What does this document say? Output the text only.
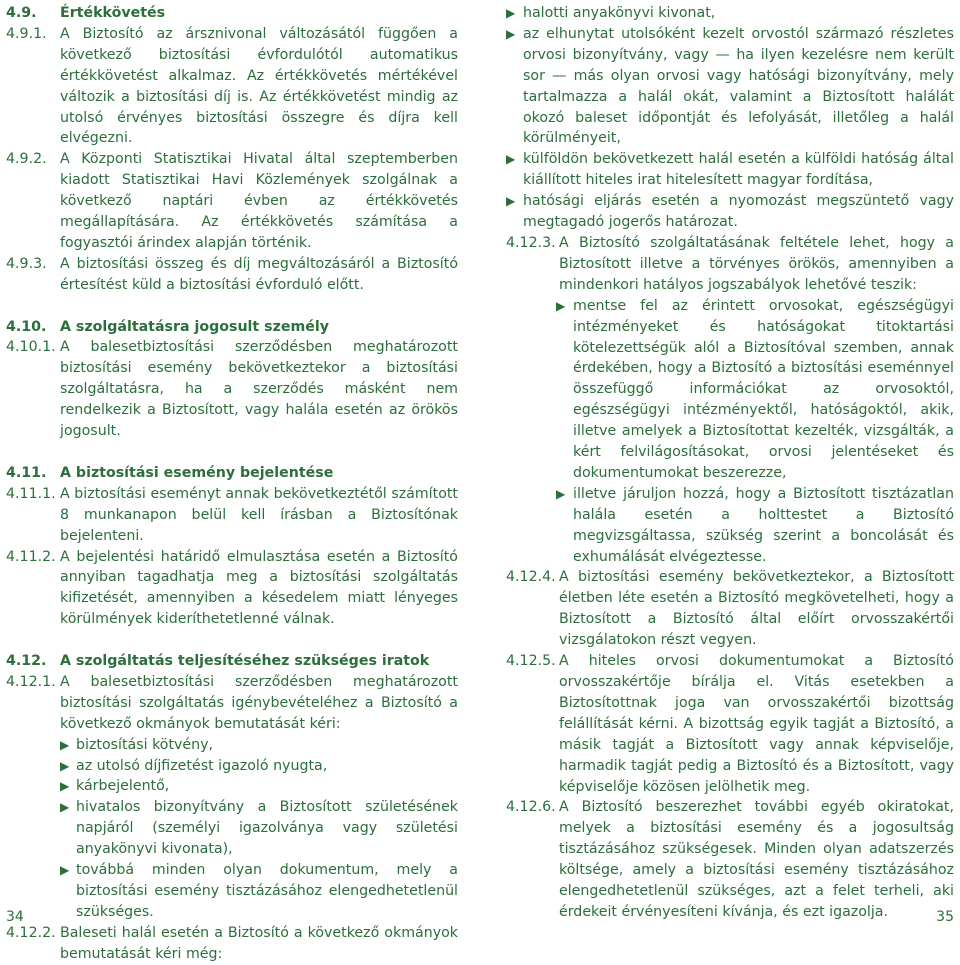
4.9.	Értékkövetés
4.9.1. A Biztosító az ársznivonal változásától függően a következő biztosítási évfordulótól automatikus értékkövetést alkalmaz. Az értékkövetés mértékével változik a biztosítási díj is. Az értékkövetést mindig az utolsó érvényes biztosítási összegre és díjra kell elvégezni.
4.9.2. A Központi Statisztikai Hivatal által szeptemberben kiadott Statisztikai Havi Közlemények szolgálnak a következő naptári évben az értékkövetés megállapítására. Az értékkövetés számítása a fogyasztói árindex alapján történik.
4.9.3. A biztosítási összeg és díj megváltozásáról a Biztosító értesítést küld a biztosítási évforduló előtt.
4.10. A szolgáltatásra jogosult személy
4.10.1. A balesetbiztosítási szerződésben meghatározott biztosítási esemény bekövetkeztekor a biztosítási szolgáltatásra, ha a szerződés másként nem rendelkezik a Biztosított, vagy halála esetén az örökös jogosult.
4.11. A biztosítási esemény bejelentése
4.11.1. A biztosítási eseményt annak bekövetkeztétől számított 8 munkanapon belül kell írásban a Biztosítónak bejelenteni.
4.11.2. A bejelentési határidő elmulasztása esetén a Biztosító annyiban tagadhatja meg a biztosítási szolgáltatás kifizetését, amennyiben a késedelem miatt lényeges körülmények kideríthetetlenné válnak.
4.12. A szolgáltatás teljesítéséhez szükséges iratok
4.12.1. A balesetbiztosítási szerződésben meghatározott biztosítási szolgáltatás igénybevételéhez a Biztosító a következő okmányok bemutatását kéri:
▶ biztosítási kötvény,
▶ az utolsó díjfizetést igazoló nyugta,
▶ kárbejelentő,
▶ hivatalos bizonyítvány a Biztosított születésének napjáról (személyi igazolványa vagy születési anyakönyvi kivonata),
▶ továbbá minden olyan dokumentum, mely a biztosítási esemény tisztázásához elengedhetetlenül szükséges.
4.12.2. Baleseti halál esetén a Biztosító a következő okmányok bemutatását kéri még:
▶ halotti anyakönyvi kivonat,
▶ az elhunytat utolsóként kezelt orvostól származó részletes orvosi bizonyítvány, vagy — ha ilyen kezelésre nem került sor — más olyan orvosi vagy hatósági bizonyítvány, mely tartalmazza a halál okát, valamint a Biztosított halálát okozó baleset időpontját és lefolyását, illetőleg a halál körülményeit,
▶ külföldön bekövetkezett halál esetén a külföldi hatóság által kiállított hiteles irat hitelesített magyar fordítása,
▶ hatósági eljárás esetén a nyomozást megszüntető vagy megtagadó jogerős határozat.
4.12.3. A Biztosító szolgáltatásának feltétele lehet, hogy a Biztosított illetve a törvényes örökös, amennyiben a mindenkori hatályos jogszabályok lehetővé teszik:
▶ mentse fel az érintett orvosokat, egészségügyi intézményeket és hatóságokat titoktartási kötelezettségük alól a Biztosítóval szemben, annak érdekében, hogy a Biztosító a biztosítási eseménnyel összefüggő információkat az orvosoktól, egészségügyi intézményektől, hatóságoktól, akik, illetve amelyek a Biztosítottat kezelték, vizsgálták, a kért felvilágosításokat, orvosi jelentéseket és dokumentumokat beszerezze,
▶ illetve járuljon hozzá, hogy a Biztosított tisztázatlan halála esetén a holttestet a Biztosító megvizsgáltassa, szükség szerint a boncolását és exhumálását elvégeztesse.
4.12.4. A biztosítási esemény bekövetkeztekor, a Biztosított életben léte esetén a Biztosító megkövetelheti, hogy a Biztosított a Biztosító által előírt orvosszakértői vizsgálatokon részt vegyen.
4.12.5. A hiteles orvosi dokumentumokat a Biztosító orvosszakértője bírálja el. Vitás esetekben a Biztosítottnak joga van orvosszakértői bizottság felállítását kérni. A bizottság egyik tagját a Biztosító, a másik tagját a Biztosított vagy annak képviselője, harmadik tagját pedig a Biztosító és a Biztosított, vagy képviselője közösen jelölhetik meg.
4.12.6. A Biztosító beszerezhet további egyéb okiratokat, melyek a biztosítási esemény és a jogosultság tisztázásához szükségesek. Minden olyan adatszerzés költsége, amely a biztosítási esemény tisztázásához elengedhetetlenül szükséges, azt a felet terheli, aki érdekeit érvényesíteni kívánja, és ezt igazolja.
34	35
